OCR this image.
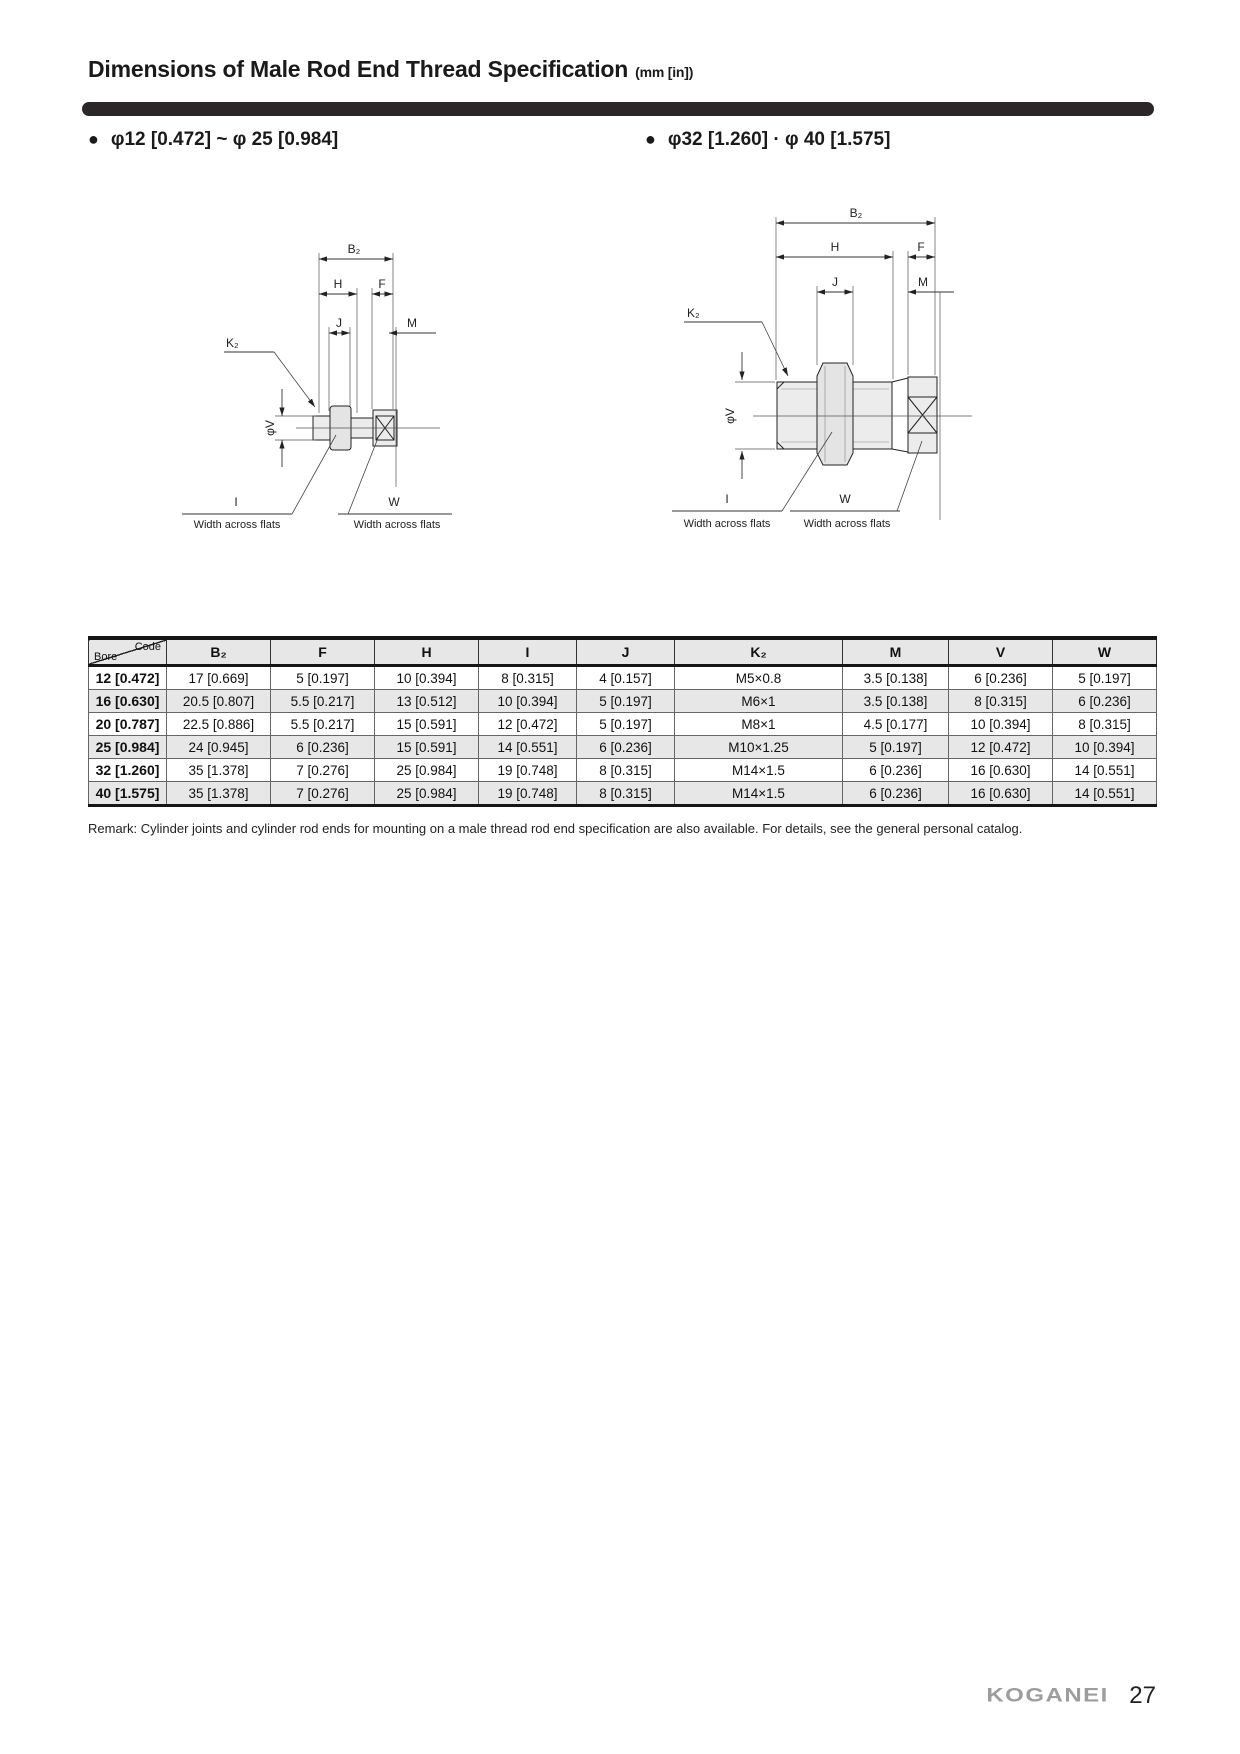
Dimensions of Male Rod End Thread Specification (mm [in])
● φ12 [0.472] ~ φ 25 [0.984]	● φ32 [1.260] · φ 40 [1.575]
B₂
H	F
J	M
φV
K₂
I
Width across flats
W
Width across flats
B₂
H	F
J	M
φV
K₂
I
Width across flats
W
Width across flats
Code
Bore	B₂	F	H	I	J	K₂	M	V	W
12 [0.472]	17 [0.669]	5 [0.197]	10 [0.394]	8 [0.315]	4 [0.157]	M5×0.8	3.5 [0.138]	6 [0.236]	5 [0.197]
16 [0.630]	20.5 [0.807]	5.5 [0.217]	13 [0.512]	10 [0.394]	5 [0.197]	M6×1	3.5 [0.138]	8 [0.315]	6 [0.236]
20 [0.787]	22.5 [0.886]	5.5 [0.217]	15 [0.591]	12 [0.472]	5 [0.197]	M8×1	4.5 [0.177]	10 [0.394]	8 [0.315]
25 [0.984]	24 [0.945]	6 [0.236]	15 [0.591]	14 [0.551]	6 [0.236]	M10×1.25	5 [0.197]	12 [0.472]	10 [0.394]
32 [1.260]	35 [1.378]	7 [0.276]	25 [0.984]	19 [0.748]	8 [0.315]	M14×1.5	6 [0.236]	16 [0.630]	14 [0.551]
40 [1.575]	35 [1.378]	7 [0.276]	25 [0.984]	19 [0.748]	8 [0.315]	M14×1.5	6 [0.236]	16 [0.630]	14 [0.551]

Remark: Cylinder joints and cylinder rod ends for mounting on a male thread rod end specification are also available. For details, see the general personal catalog.

KOGANEI 27
